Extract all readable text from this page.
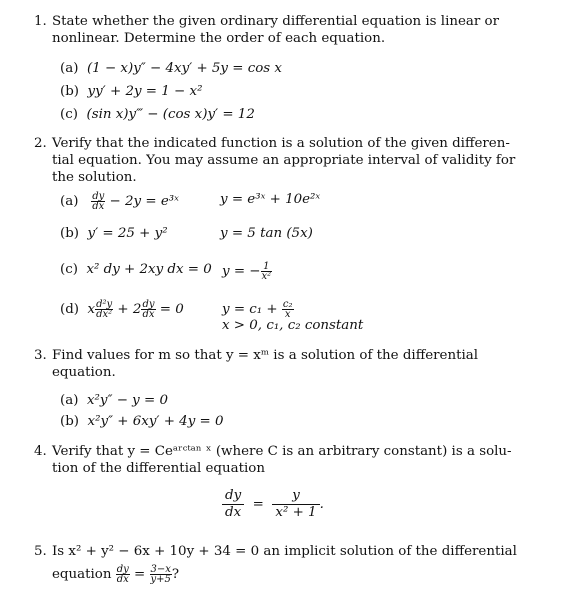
1. State whether the given ordinary differential equation is linear or
nonlinear. Determine the order of each equation.
(a) (1 − x)y″ − 4xy′ + 5y = cos x
(b) yy′ + 2y = 1 − x²
(c) (sin x)y‴ − (cos x)y′ = 12
2. Verify that the indicated function is a solution of the given differen-
tial equation. You may assume an appropriate interval of validity for
the solution.
$(a) \frac{dy}{dx} - 2y$ = e³ˣ	y = e³ˣ + 10e²ˣ
(b) y′ = 25 + y²	y = 5 tan (5x)
(c) x² dy + 2xy dx = 0 y = − $\frac{1}{\text{x²}}$
(d) x $\frac{\text{d²y}}{\text{dx²}} + 2 \frac{dy}{dx} = 0$	$y = c_1 + \frac{\text{c₂}}{x}$
x > 0, c₁, c₂ constant
3. Find values for m so that y = xᵐ is a solution of the differential
equation.
(a) x²y″ − y = 0
(b) x²y″ + 6xy′ + 4y = 0
4. Verify that y = Ceᵃʳᶜᵗᵃⁿ ˣ (where C is an arbitrary constant) is a solu-
tion of the differential equation
$\frac{dy}{dx} = \frac{y}{\text{x² + 1}}$ .
5. Is x² + y² − 6x + 10y + 34 = 0 an implicit solution of the differential
equation $\frac{dy}{dx} = \frac{3-x}{y+5}$ ?
